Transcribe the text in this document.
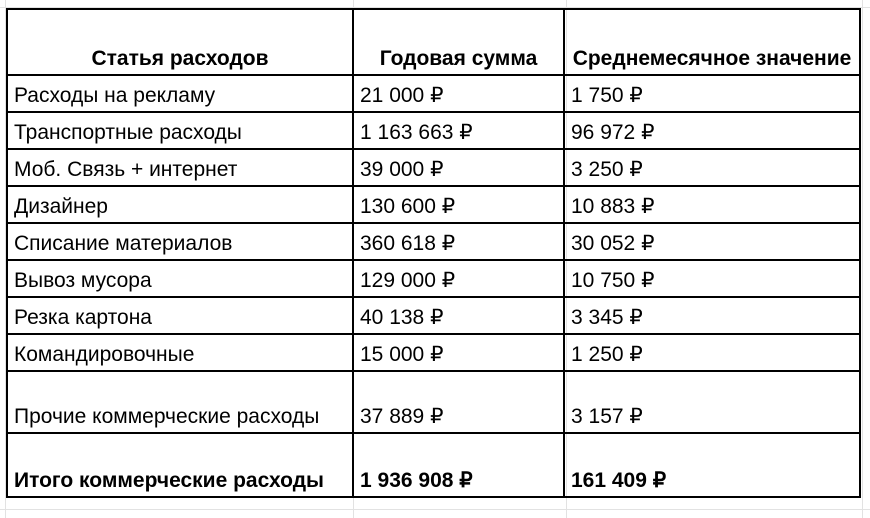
Статья расходов	Годовая сумма	Среднемесячное значение
Расходы на рекламу	21 000 ₽	1 750 ₽
Транспортные расходы	1 163 663 ₽	96 972 ₽
Моб. Связь + интернет	39 000 ₽	3 250 ₽
Дизайнер	130 600 ₽	10 883 ₽
Списание материалов	360 618 ₽	30 052 ₽
Вывоз мусора	129 000 ₽	10 750 ₽
Резка картона	40 138 ₽	3 345 ₽
Командировочные	15 000 ₽	1 250 ₽
Прочие коммерческие расходы	37 889 ₽	3 157 ₽
Итого коммерческие расходы	1 936 908 ₽	161 409 ₽
